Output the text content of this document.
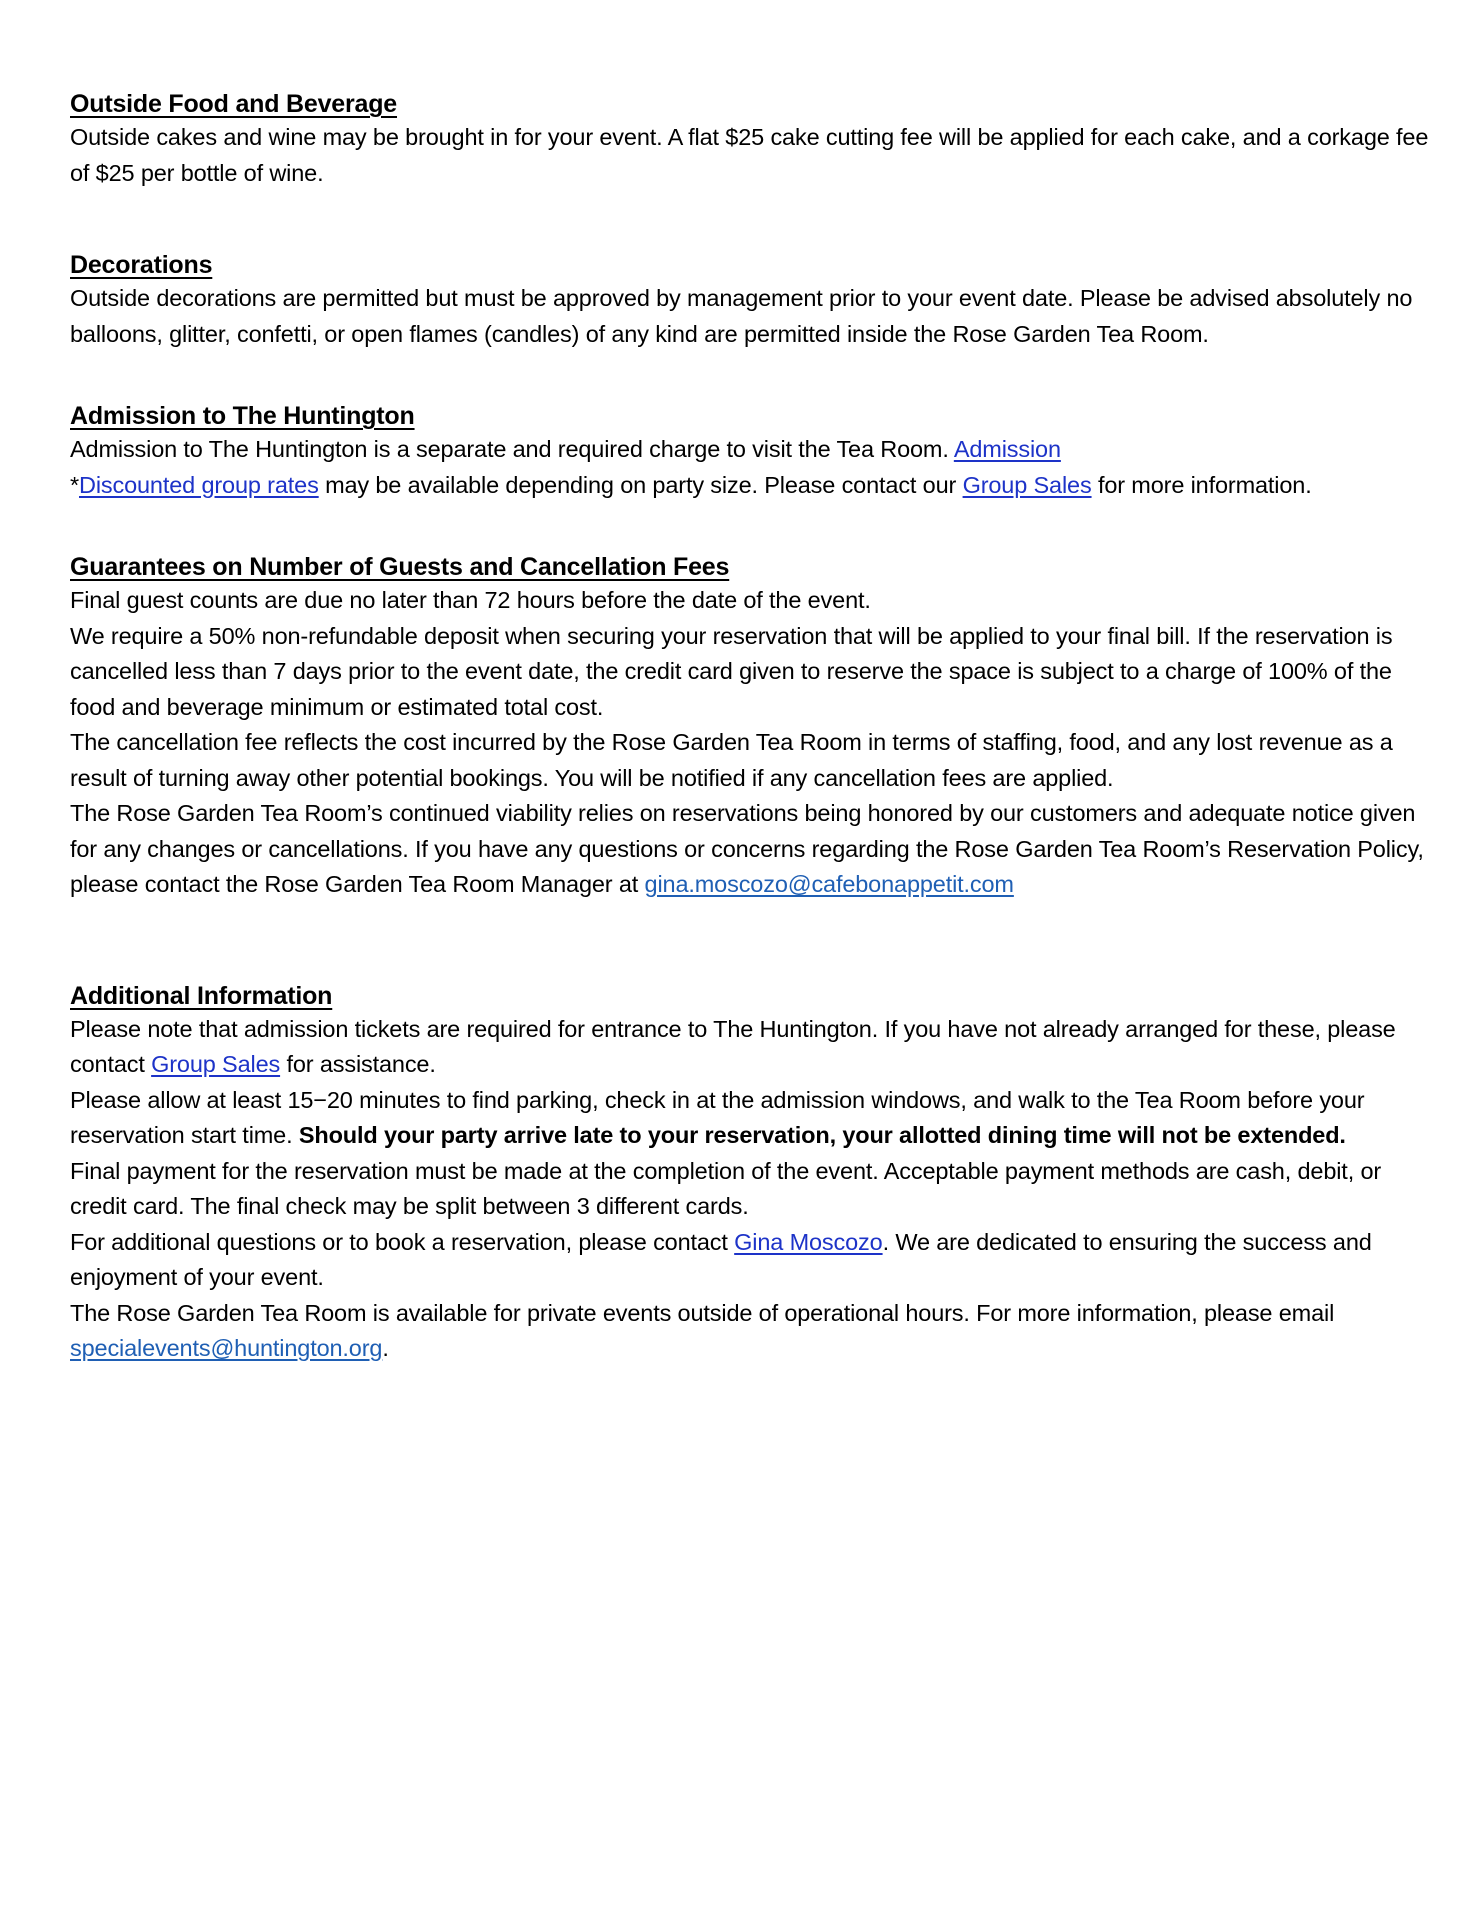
Outside Food and Beverage

Outside cakes and wine may be brought in for your event. A flat $25 cake cutting fee will be applied for each cake, and a corkage fee of $25 per bottle of wine.

Decorations

Outside decorations are permitted but must be approved by management prior to your event date. Please be advised absolutely no balloons, glitter, confetti, or open flames (candles) of any kind are permitted inside the Rose Garden Tea Room.

Admission to The Huntington

Admission to The Huntington is a separate and required charge to visit the Tea Room. Admission

*Discounted group rates may be available depending on party size. Please contact our Group Sales for more information.

Guarantees on Number of Guests and Cancellation Fees

Final guest counts are due no later than 72 hours before the date of the event.

We require a 50% non-refundable deposit when securing your reservation that will be applied to your final bill. If the reservation is cancelled less than 7 days prior to the event date, the credit card given to reserve the space is subject to a charge of 100% of the food and beverage minimum or estimated total cost.

The cancellation fee reflects the cost incurred by the Rose Garden Tea Room in terms of staffing, food, and any lost revenue as a result of turning away other potential bookings. You will be notified if any cancellation fees are applied.

The Rose Garden Tea Room’s continued viability relies on reservations being honored by our customers and adequate notice given for any changes or cancellations. If you have any questions or concerns regarding the Rose Garden Tea Room’s Reservation Policy, please contact the Rose Garden Tea Room Manager at gina.moscozo@cafebonappetit.com

Additional Information

Please note that admission tickets are required for entrance to The Huntington. If you have not already arranged for these, please contact Group Sales for assistance.

Please allow at least 15−20 minutes to find parking, check in at the admission windows, and walk to the Tea Room before your reservation start time. Should your party arrive late to your reservation, your allotted dining time will not be extended.

Final payment for the reservation must be made at the completion of the event. Acceptable payment methods are cash, debit, or credit card. The final check may be split between 3 different cards.

For additional questions or to book a reservation, please contact Gina Moscozo. We are dedicated to ensuring the success and enjoyment of your event.

The Rose Garden Tea Room is available for private events outside of operational hours. For more information, please email specialevents@huntington.org.
